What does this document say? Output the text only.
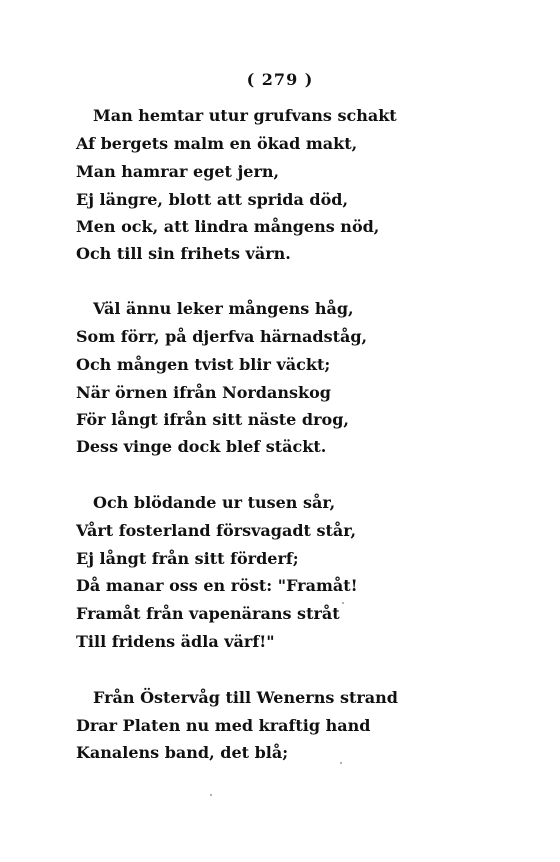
( 279 )
Man hemtar utur grufvans schakt
Af bergets malm en ökad makt,
Man hamrar eget jern,
Ej längre, blott att sprida död,
Men ock, att lindra mångens nöd,
Och till sin frihets värn.
Väl ännu leker mångens håg,
Som förr, på djerfva härnadståg,
Och mången tvist blir väckt;
När örnen ifrån Nordanskog
För långt ifrån sitt näste drog,
Dess vinge dock blef stäckt.
Och blödande ur tusen sår,
Vårt fosterland försvagadt står,
Ej långt från sitt förderf;
Då manar oss en röst: "Framåt!
Framåt från vapenärans stråt
Till fridens ädla värf!"
Från Östervåg till Wenerns strand
Drar Platen nu med kraftig hand
Kanalens band, det blå;
